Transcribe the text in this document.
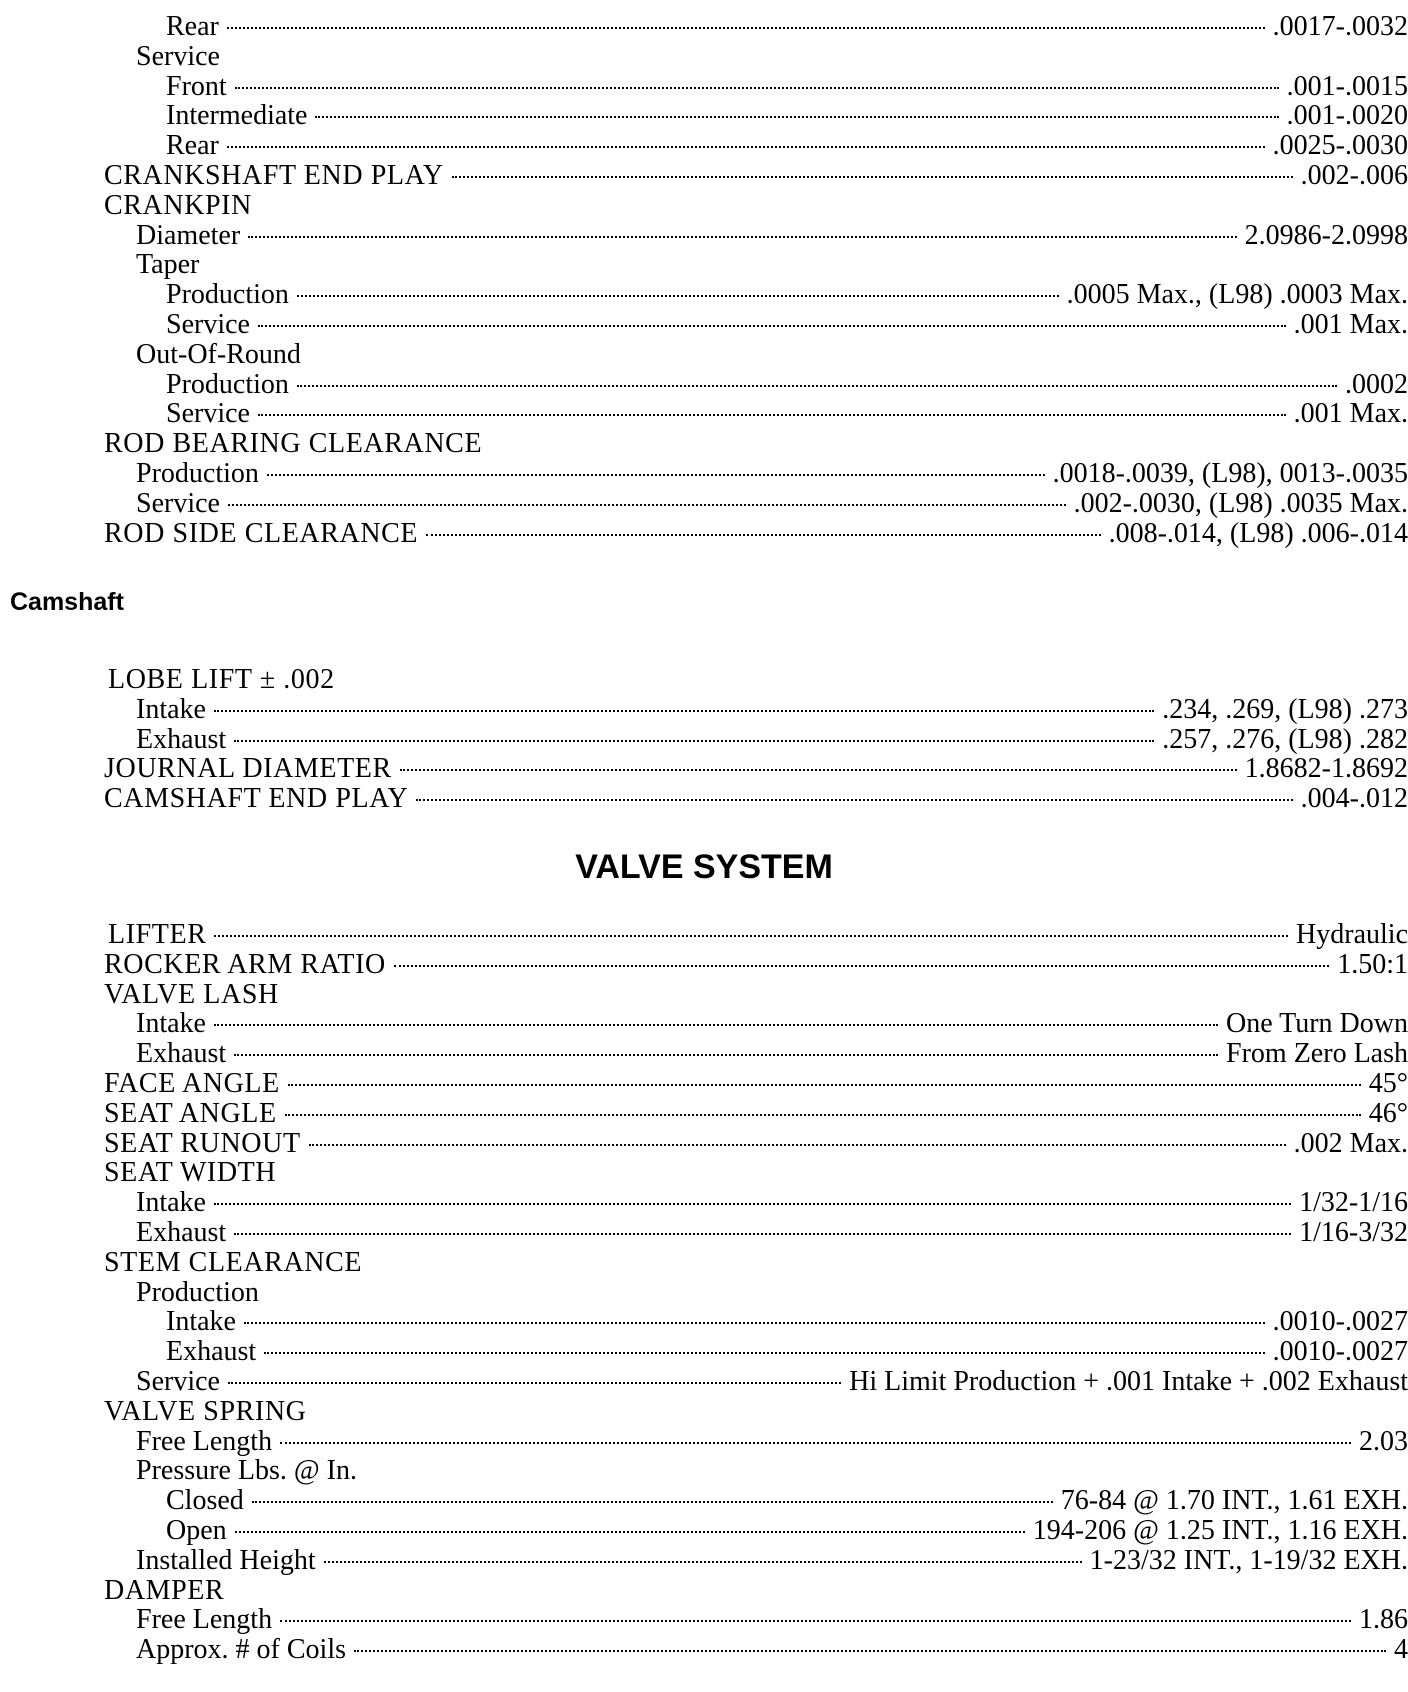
Rear	.0017-.0032
Service
Front	.001-.0015
Intermediate	.001-.0020
Rear	.0025-.0030
CRANKSHAFT END PLAY	.002-.006
CRANKPIN
Diameter	2.0986-2.0998
Taper
Production	.0005 Max., (L98) .0003 Max.
Service	.001 Max.
Out-Of-Round
Production	.0002
Service	.001 Max.
ROD BEARING CLEARANCE
Production	.0018-.0039, (L98), 0013-.0035
Service	.002-.0030, (L98) .0035 Max.
ROD SIDE CLEARANCE	.008-.014, (L98) .006-.014
Camshaft
LOBE LIFT ± .002
Intake	.234, .269, (L98) .273
Exhaust	.257, .276, (L98) .282
JOURNAL DIAMETER	1.8682-1.8692
CAMSHAFT END PLAY	.004-.012
VALVE SYSTEM
LIFTER	Hydraulic
ROCKER ARM RATIO	1.50:1
VALVE LASH
Intake	One Turn Down
Exhaust	From Zero Lash
FACE ANGLE	45°
SEAT ANGLE	46°
SEAT RUNOUT	.002 Max.
SEAT WIDTH
Intake	1/32-1/16
Exhaust	1/16-3/32
STEM CLEARANCE
Production
Intake	.0010-.0027
Exhaust	.0010-.0027
Service	Hi Limit Production + .001 Intake + .002 Exhaust
VALVE SPRING
Free Length	2.03
Pressure Lbs. @ In.
Closed	76-84 @ 1.70 INT., 1.61 EXH.
Open	194-206 @ 1.25 INT., 1.16 EXH.
Installed Height	1-23/32 INT., 1-19/32 EXH.
DAMPER
Free Length	1.86
Approx. # of Coils	4
